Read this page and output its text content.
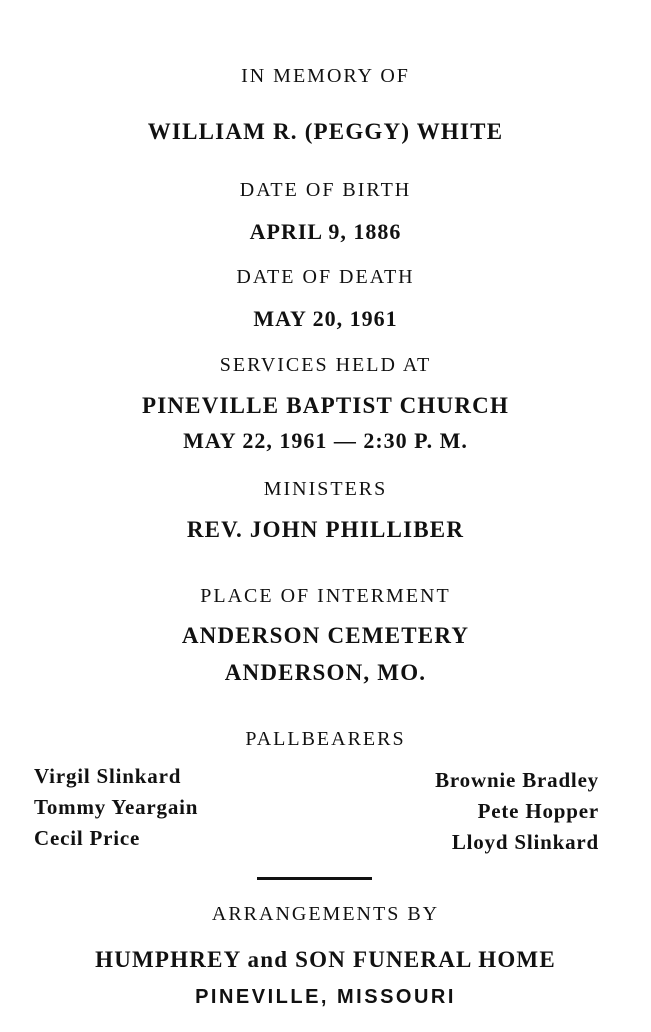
IN MEMORY OF
WILLIAM R. (PEGGY) WHITE
DATE OF BIRTH
APRIL 9, 1886
DATE OF DEATH
MAY 20, 1961
SERVICES HELD AT
PINEVILLE BAPTIST CHURCH
MAY 22, 1961 — 2:30 P. M.
MINISTERS
REV. JOHN PHILLIBER
PLACE OF INTERMENT
ANDERSON CEMETERY
ANDERSON, MO.
PALLBEARERS
Virgil Slinkard
Tommy Yeargain
Cecil Price
Brownie Bradley
Pete Hopper
Lloyd Slinkard
ARRANGEMENTS BY
HUMPHREY and SON FUNERAL HOME
PINEVILLE, MISSOURI
